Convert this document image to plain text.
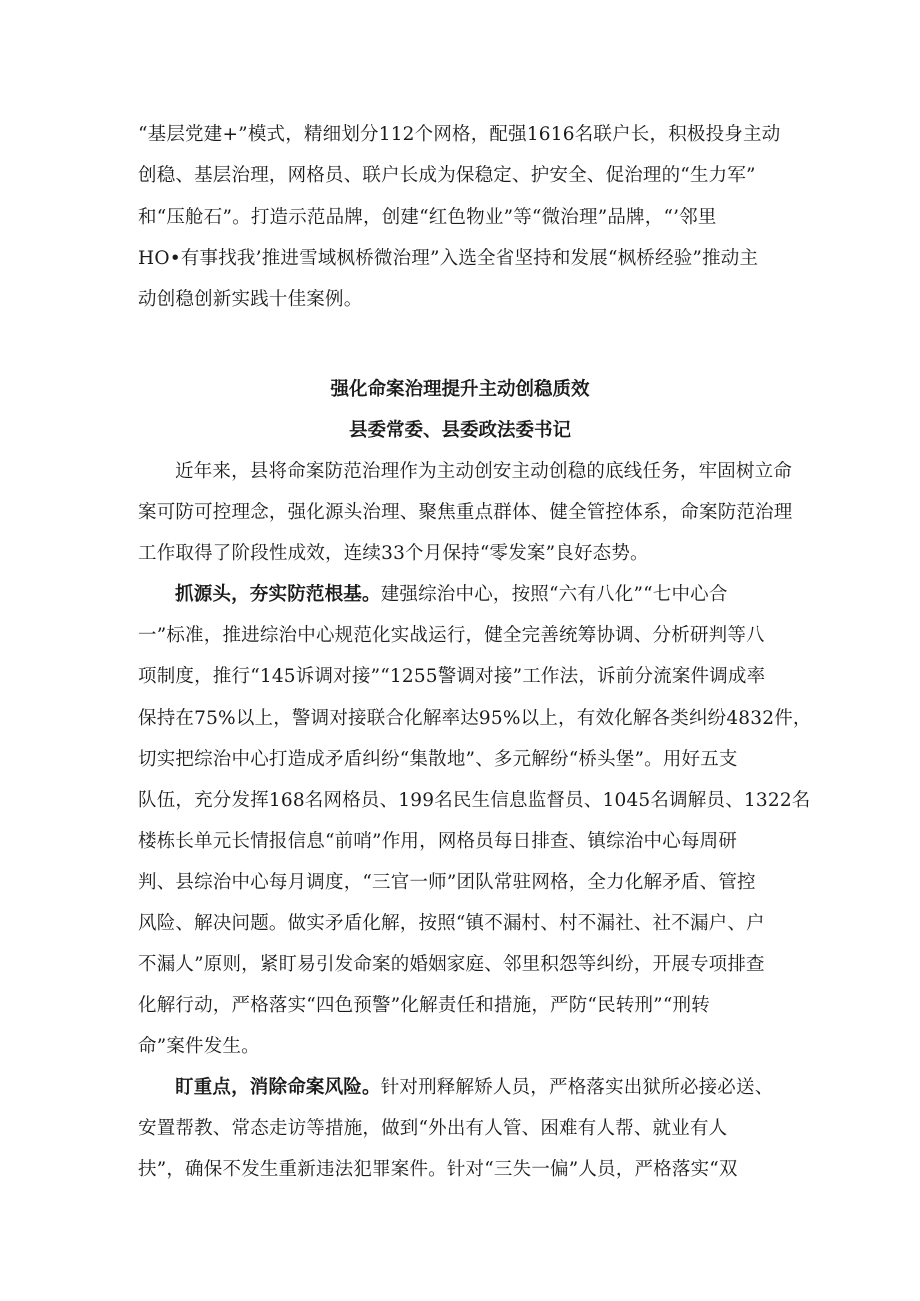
“基层党建+”模式，精细划分112个网格，配强1616名联户长，积极投身主动
创稳、基层治理，网格员、联户长成为保稳定、护安全、促治理的“生力军”
和“压舱石”。打造示范品牌，创建“红色物业”等“微治理”品牌，“’邻里
HO•有事找我’推进雪域枫桥微治理”入选全省坚持和发展“枫桥经验”推动主
动创稳创新实践十佳案例。
强化命案治理提升主动创稳质效
县委常委、县委政法委书记
近年来，县将命案防范治理作为主动创安主动创稳的底线任务，牢固树立命
案可防可控理念，强化源头治理、聚焦重点群体、健全管控体系，命案防范治理
工作取得了阶段性成效，连续33个月保持“零发案”良好态势。
抓源头，夯实防范根基。建强综治中心，按照“六有八化”“七中心合
一”标准，推进综治中心规范化实战运行，健全完善统筹协调、分析研判等八
项制度，推行“145诉调对接”“1255警调对接”工作法，诉前分流案件调成率
保持在75%以上，警调对接联合化解率达95%以上，有效化解各类纠纷4832件，
切实把综治中心打造成矛盾纠纷“集散地”、多元解纷“桥头堡”。用好五支
队伍，充分发挥168名网格员、199名民生信息监督员、1045名调解员、1322名
楼栋长单元长情报信息“前哨”作用，网格员每日排查、镇综治中心每周研
判、县综治中心每月调度，“三官一师”团队常驻网格，全力化解矛盾、管控
风险、解决问题。做实矛盾化解，按照“镇不漏村、村不漏社、社不漏户、户
不漏人”原则，紧盯易引发命案的婚姻家庭、邻里积怨等纠纷，开展专项排查
化解行动，严格落实“四色预警”化解责任和措施，严防“民转刑”“刑转
命”案件发生。
盯重点，消除命案风险。针对刑释解矫人员，严格落实出狱所必接必送、
安置帮教、常态走访等措施，做到“外出有人管、困难有人帮、就业有人
扶”，确保不发生重新违法犯罪案件。针对“三失一偏”人员，严格落实“双
